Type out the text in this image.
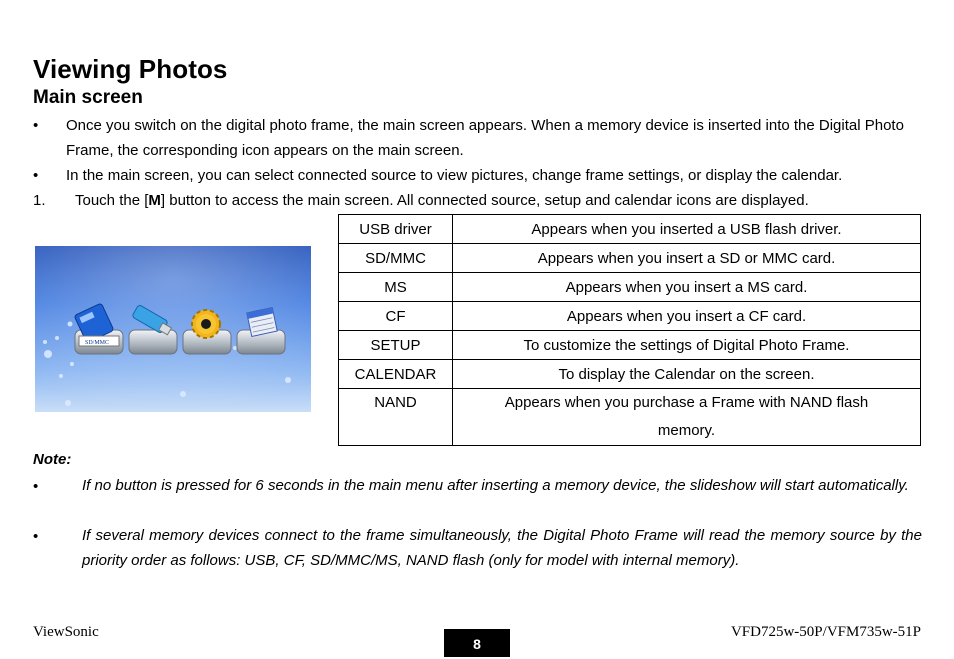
Viewing Photos
Main screen
• Once you switch on the digital photo frame, the main screen appears. When a memory device is inserted into the Digital Photo Frame, the corresponding icon appears on the main screen.
• In the main screen, you can select connected source to view pictures, change frame settings, or display the calendar.
1. Touch the [M] button to access the main screen. All connected source, setup and calendar icons are displayed.
SD/MMC
USB driver	Appears when you inserted a USB flash driver.
SD/MMC	Appears when you insert a SD or MMC card.
MS	Appears when you insert a MS card.
CF	Appears when you insert a CF card.
SETUP	To customize the settings of Digital Photo Frame.
CALENDAR	To display the Calendar on the screen.
NAND	Appears when you purchase a Frame with NAND flash memory.
Note:
•	If no button is pressed for 6 seconds in the main menu after inserting a memory device, the slideshow will start automatically.
•	If several memory devices connect to the frame simultaneously, the Digital Photo Frame will read the memory source by the priority order as follows: USB, CF, SD/MMC/MS, NAND flash (only for model with internal memory).
ViewSonic
8
VFD725w-50P/VFM735w-51P
